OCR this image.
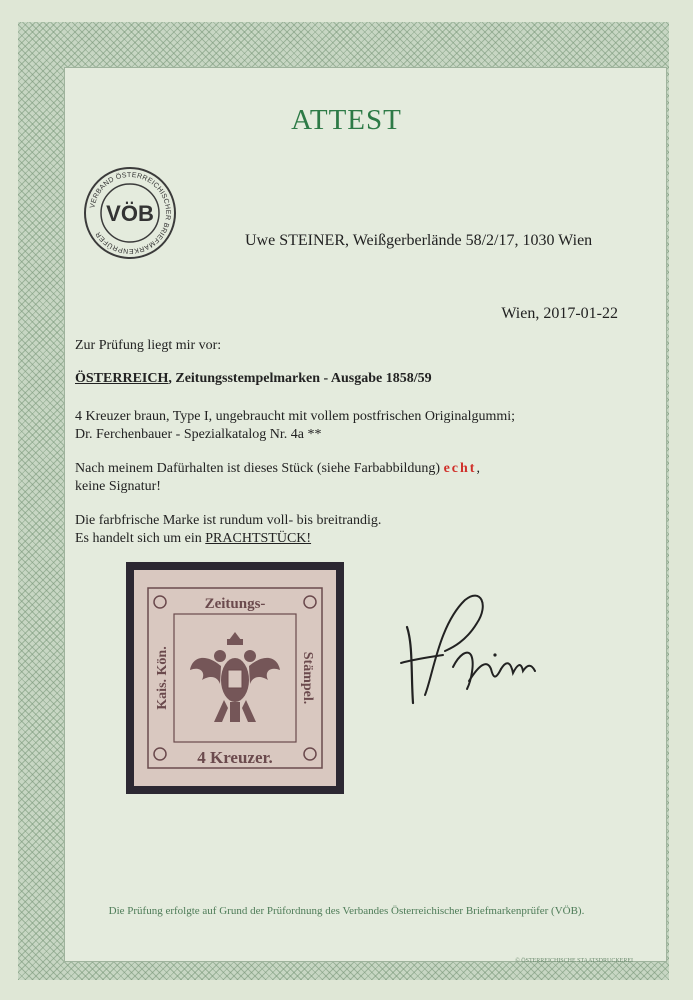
ATTEST
VERBAND ÖSTERREICHISCHER BRIEFMARKENPRÜFER
VÖB
Uwe STEINER, Weißgerberlände 58/2/17, 1030 Wien
Wien, 2017-01-22
Zur Prüfung liegt mir vor:
ÖSTERREICH, Zeitungsstempelmarken - Ausgabe 1858/59
4 Kreuzer braun, Type I, ungebraucht mit vollem postfrischen Originalgummi;
Dr. Ferchenbauer - Spezialkatalog Nr. 4a **
Nach meinem Dafürhalten ist dieses Stück (siehe Farbabbildung) echt,
keine Signatur!
Die farbfrische Marke ist rundum voll- bis breitrandig.
Es handelt sich um ein PRACHTSTÜCK!
Zeitungs-
4 Kreuzer.
Kais. Kön.	Stämpel.
Die Prüfung erfolgte auf Grund der Prüfordnung des Verbandes Österreichischer Briefmarkenprüfer (VÖB).
© ÖSTERREICHISCHE STAATSDRUCKEREI
